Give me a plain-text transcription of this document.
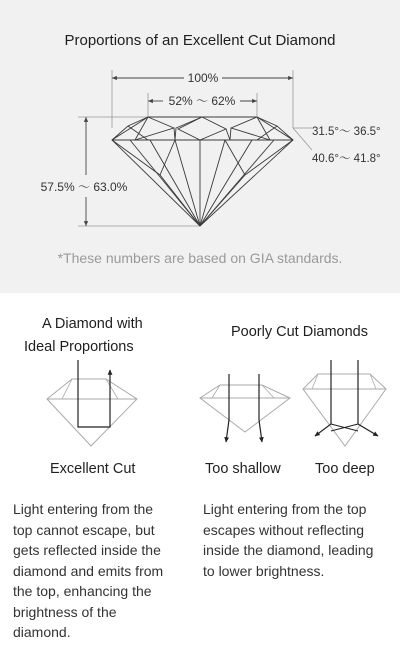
Proportions of an Excellent Cut Diamond
100%
52% 〜 62%
57.5% 〜 63.0%
31.5°〜 36.5°
40.6°〜 41.8°
*These numbers are based on GIA standards.
A Diamond with
Ideal Proportions
Poorly Cut Diamonds
Excellent Cut	Too shallow Too deep
Light entering from the
top cannot escape, but
gets reflected inside the
diamond and emits from
the top, enhancing the
brightness of the
diamond.
Light entering from the top
escapes without reflecting
inside the diamond, leading
to lower brightness.
